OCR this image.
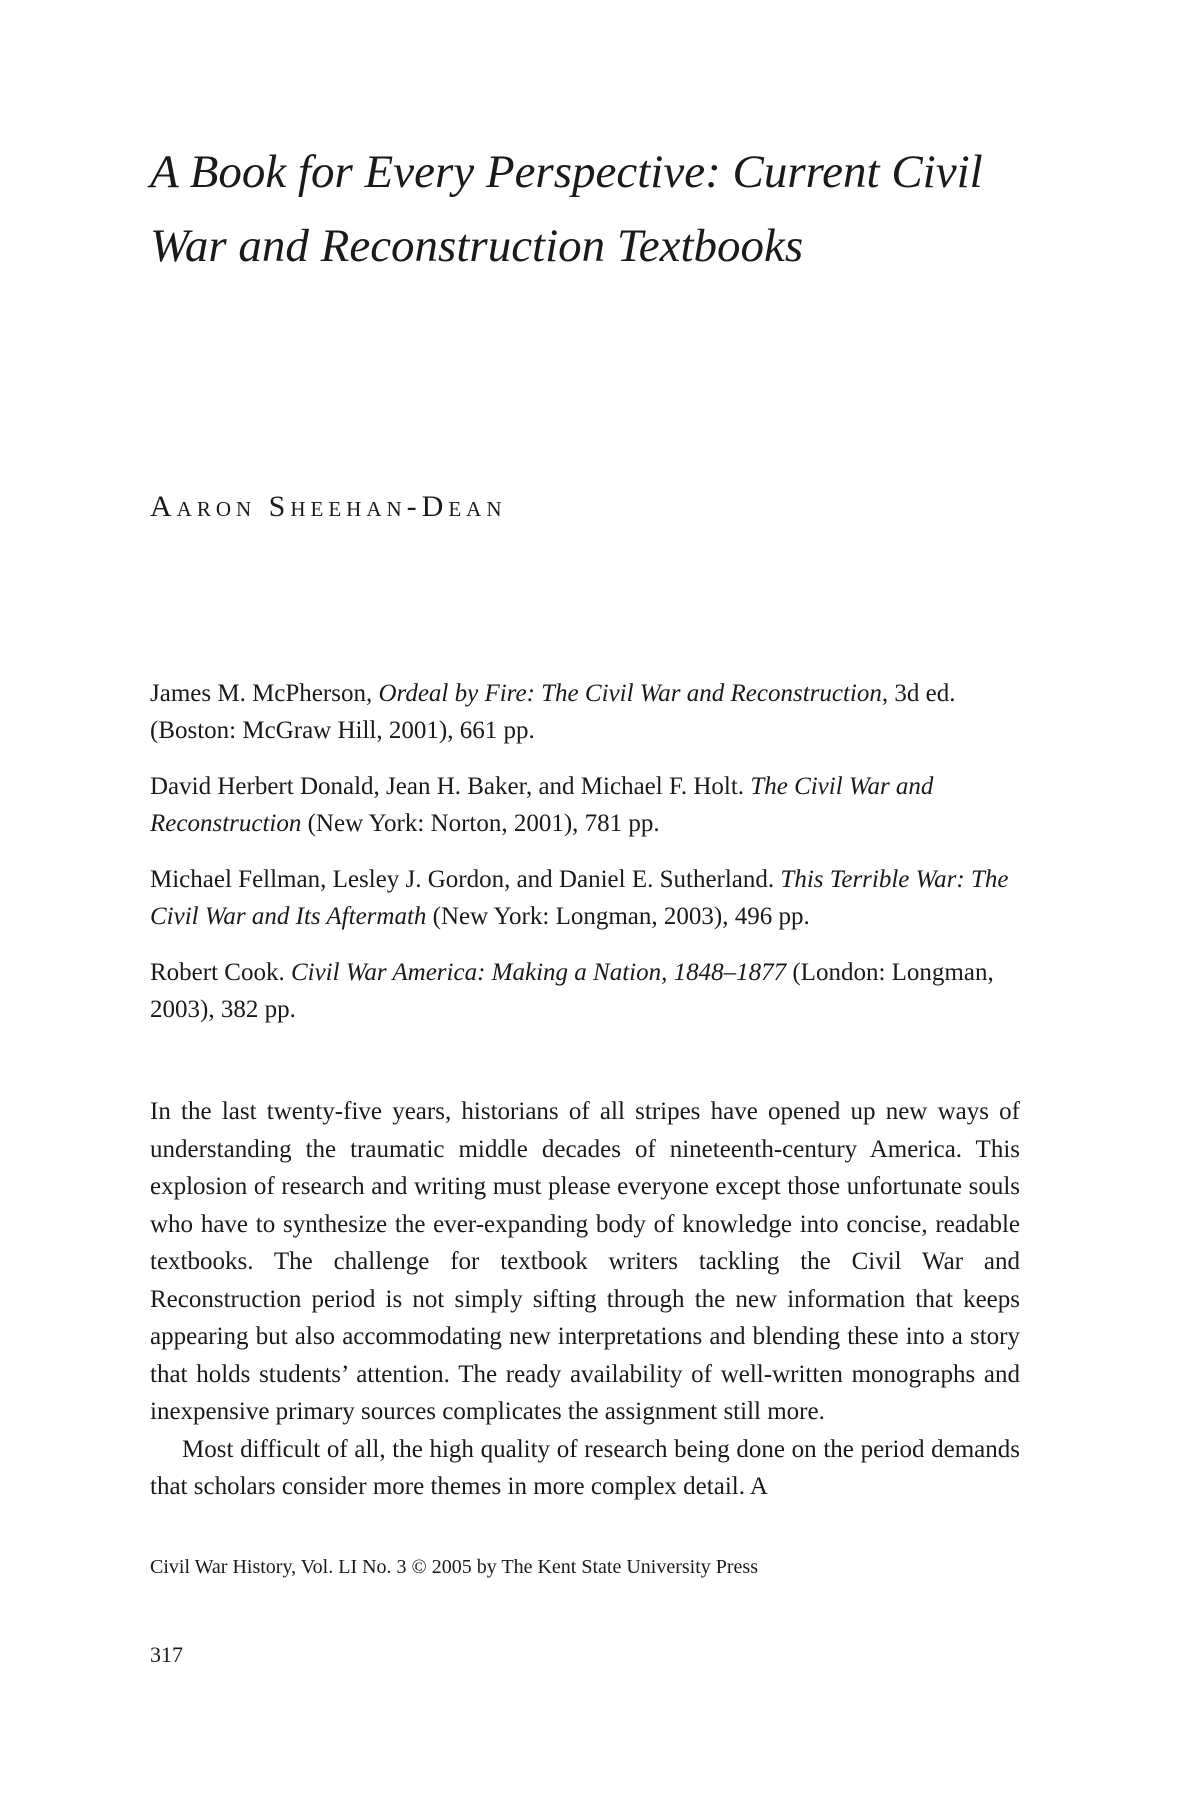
A Book for Every Perspective: Current Civil War and Reconstruction Textbooks
Aaron Sheehan-Dean

James M. McPherson, Ordeal by Fire: The Civil War and Reconstruction, 3d ed. (Boston: McGraw Hill, 2001), 661 pp.

David Herbert Donald, Jean H. Baker, and Michael F. Holt. The Civil War and Reconstruction (New York: Norton, 2001), 781 pp.

Michael Fellman, Lesley J. Gordon, and Daniel E. Sutherland. This Terrible War: The Civil War and Its Aftermath (New York: Longman, 2003), 496 pp.

Robert Cook. Civil War America: Making a Nation, 1848–1877 (London: Longman, 2003), 382 pp.

In the last twenty-five years, historians of all stripes have opened up new ways of understanding the traumatic middle decades of nineteenth-century America. This explosion of research and writing must please everyone except those unfortunate souls who have to synthesize the ever-expanding body of knowledge into concise, readable textbooks. The challenge for textbook writers tackling the Civil War and Reconstruction period is not simply sifting through the new information that keeps appearing but also accommodating new interpretations and blending these into a story that holds students’ attention. The ready availability of well-written monographs and inexpensive primary sources complicates the assignment still more.

Most difficult of all, the high quality of research being done on the period demands that scholars consider more themes in more complex detail. A

Civil War History, Vol. LI No. 3 © 2005 by The Kent State University Press

317
